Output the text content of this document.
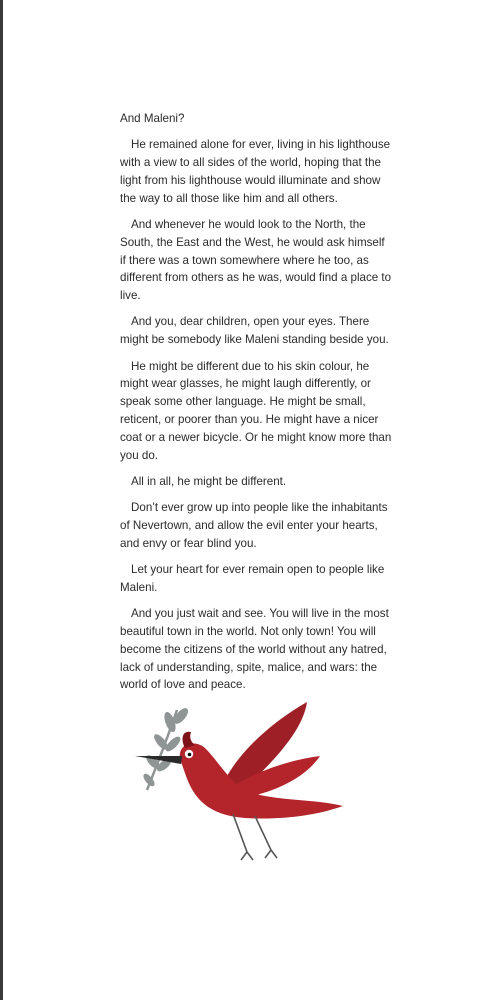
And Maleni?

He remained alone for ever, living in his lighthouse with a view to all sides of the world, hoping that the light from his lighthouse would illuminate and show the way to all those like him and all others.

And whenever he would look to the North, the South, the East and the West, he would ask himself if there was a town somewhere where he too, as different from others as he was, would find a place to live.

And you, dear children, open your eyes. There might be somebody like Maleni standing beside you.

He might be different due to his skin colour, he might wear glasses, he might laugh differently, or speak some other language. He might be small, reticent, or poorer than you. He might have a nicer coat or a newer bicycle. Or he might know more than you do.

All in all, he might be different.

Don’t ever grow up into people like the inhabitants of Nevertown, and allow the evil enter your hearts, and envy or fear blind you.

Let your heart for ever remain open to people like Maleni.

And you just wait and see. You will live in the most beautiful town in the world. Not only town! You will become the citizens of the world without any hatred, lack of understanding, spite, malice, and wars: the world of love and peace.
